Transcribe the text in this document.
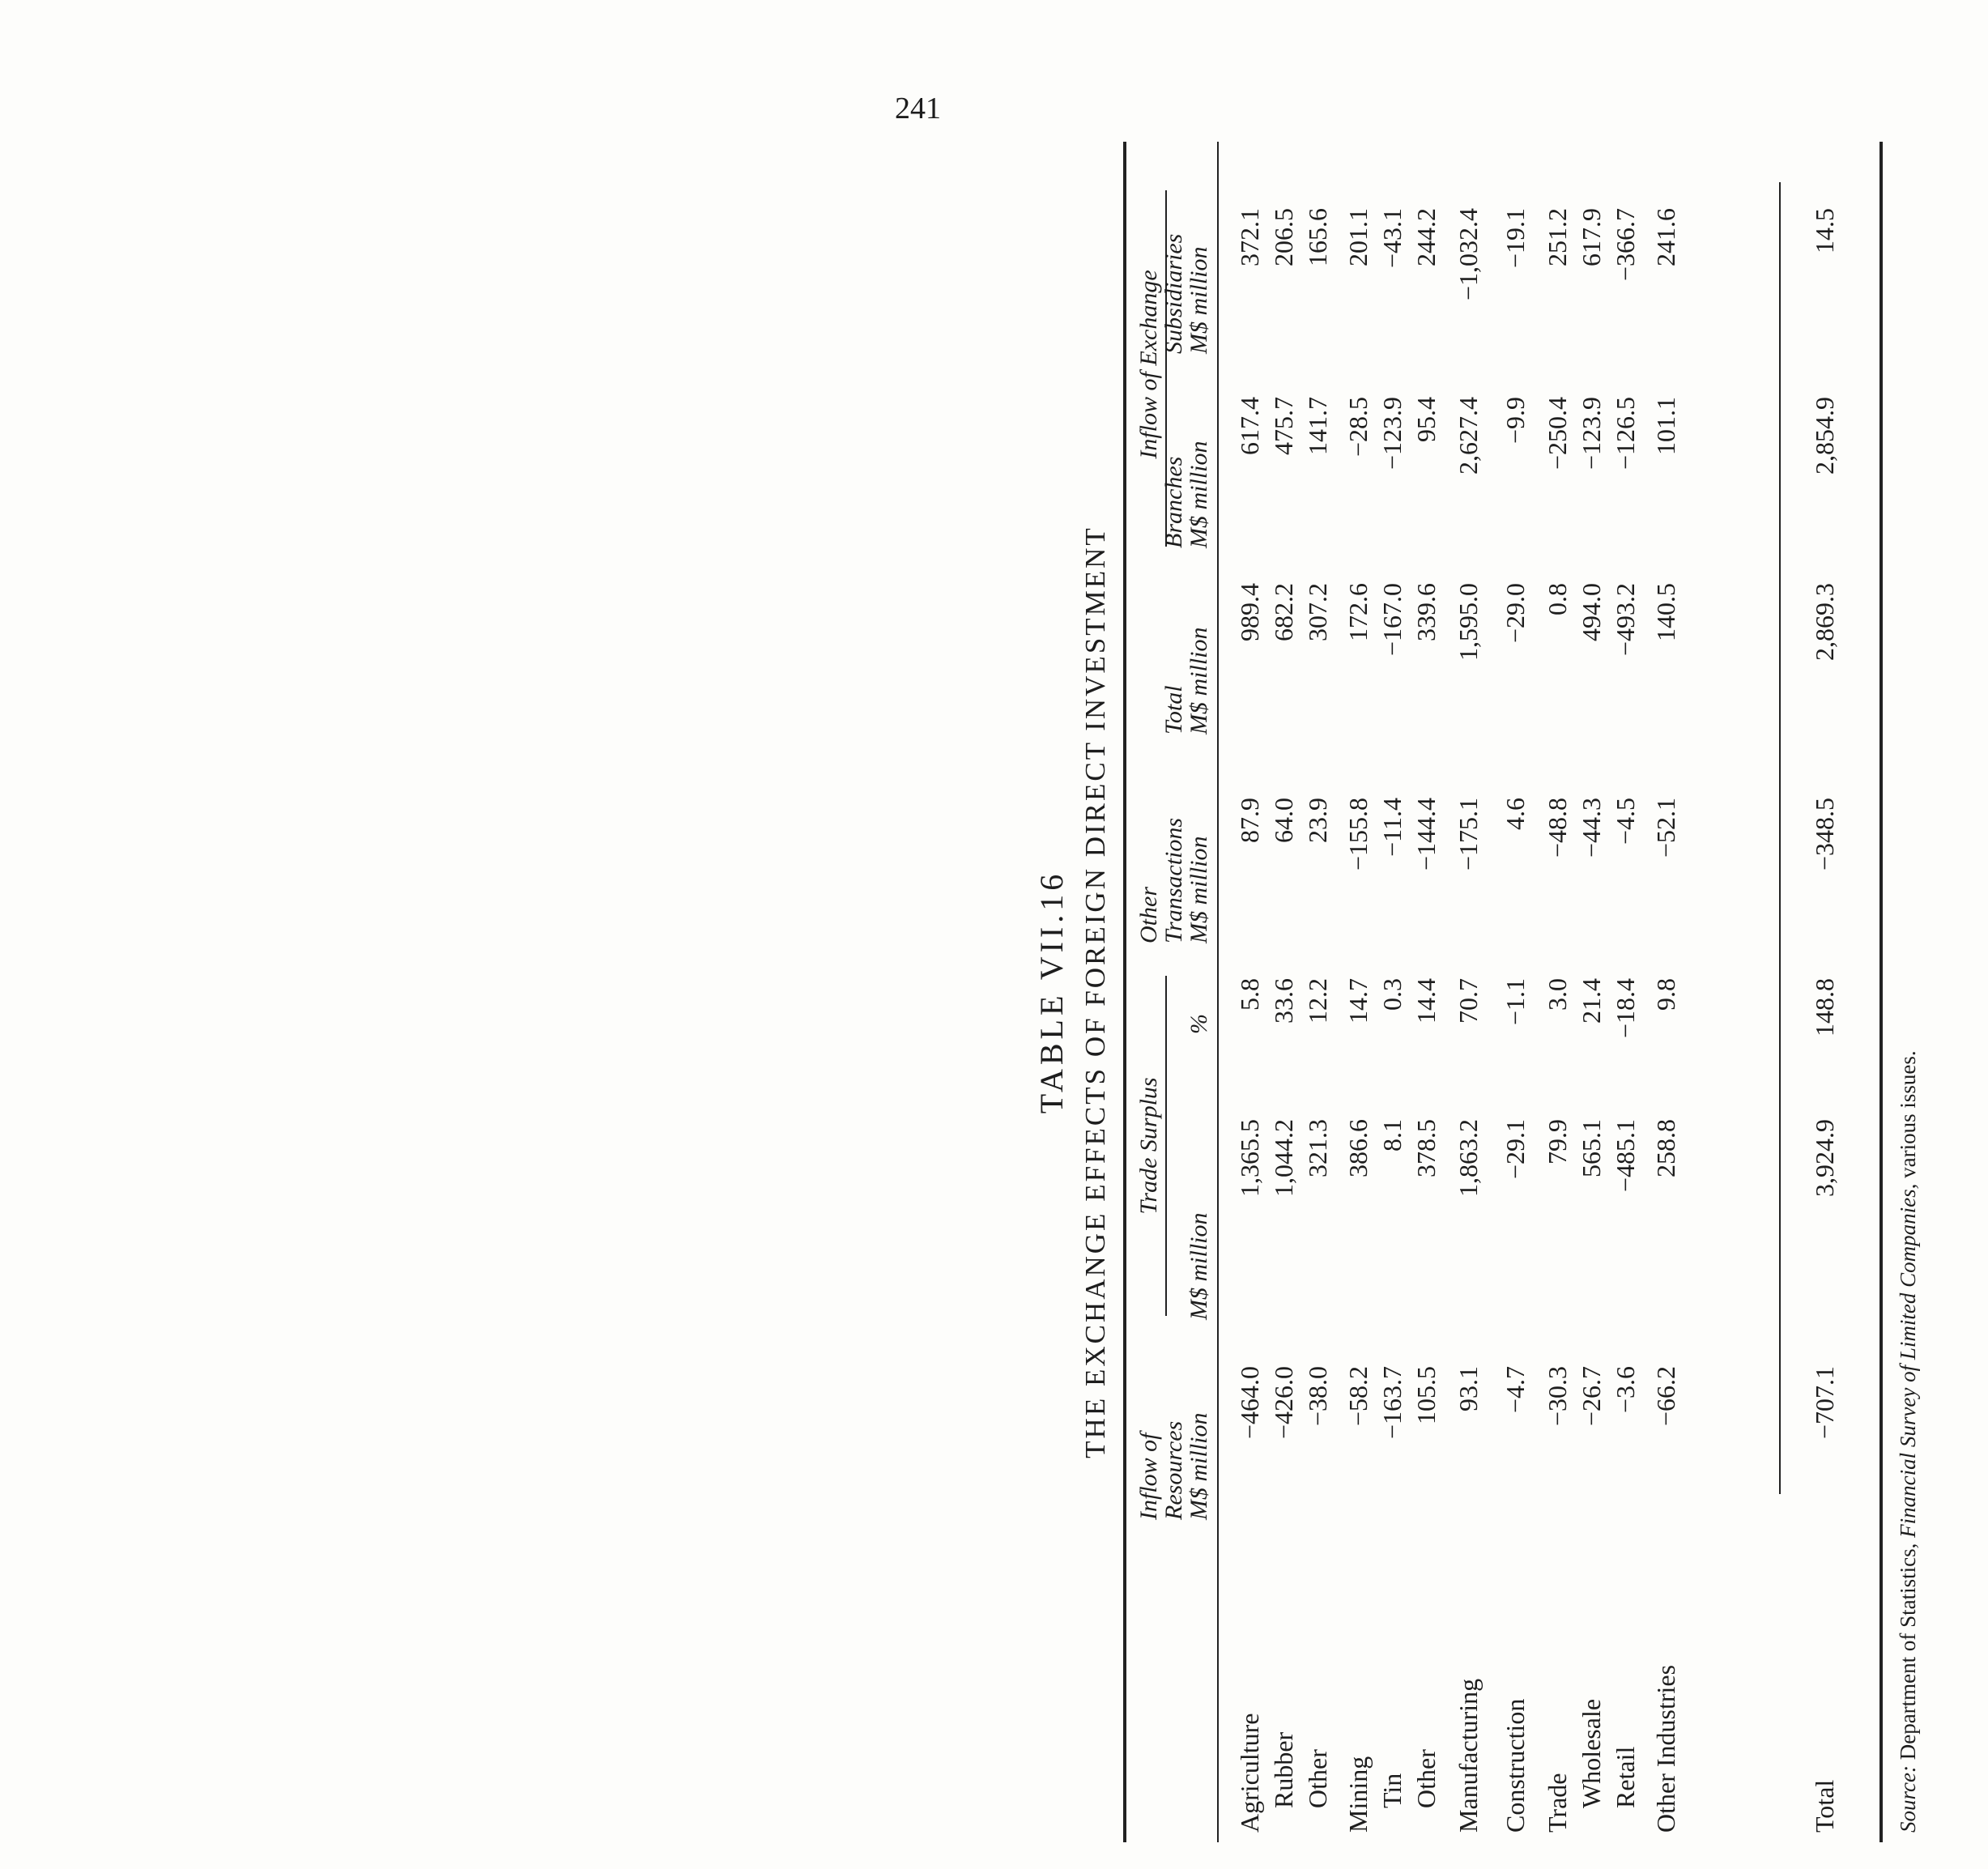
241
TABLE VII.16 THE EXCHANGE EFFECTS OF FOREIGN DIRECT INVESTMENT
Inflow of
Resources
M$ million
Trade Surplus
M$ million
%
Other
Transactions
M$ million
Total
M$ million
Inflow of Exchange
Branches
M$ million
Subsidiaries
M$ million
Agriculture
−464.0
1,365.5
5.8
87.9
989.4
617.4
372.1
Rubber
−426.0
1,044.2
33.6
64.0
682.2
475.7
206.5
Other
−38.0
321.3
12.2
23.9
307.2
141.7
165.6
Mining
−58.2
386.6
14.7
−155.8
172.6
−28.5
201.1
Tin
−163.7
8.1
0.3
−11.4
−167.0
−123.9
−43.1
Other
105.5
378.5
14.4
−144.4
339.6
95.4
244.2
Manufacturing
93.1
1,863.2
70.7
−175.1
1,595.0
2,627.4
−1,032.4
Construction
−4.7
−29.1
−1.1
4.6
−29.0
−9.9
−19.1
Trade
−30.3
79.9
3.0
−48.8
0.8
−250.4
251.2
Wholesale
−26.7
565.1
21.4
−44.3
494.0
−123.9
617.9
Retail
−3.6
−485.1
−18.4
−4.5
−493.2
−126.5
−366.7
Other Industries
−66.2
258.8
9.8
−52.1
140.5
101.1
241.6
Total
−707.1
3,924.9
148.8
−348.5
2,869.3
2,854.9
14.5
Source: Department of Statistics, Financial Survey of Limited Companies, various issues.
